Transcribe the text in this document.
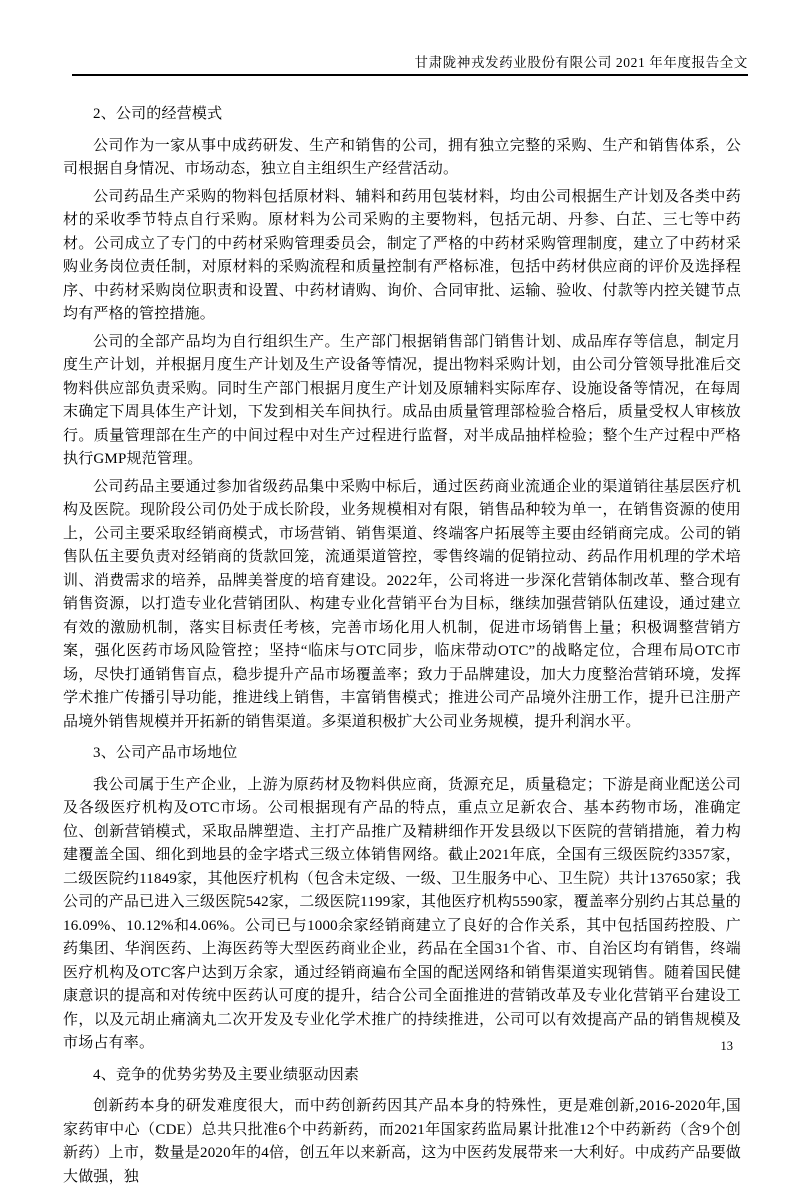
甘肃陇神戎发药业股份有限公司 2021 年年度报告全文

2、公司的经营模式

公司作为一家从事中成药研发、生产和销售的公司，拥有独立完整的采购、生产和销售体系，公司根据自身情况、市场动态，独立自主组织生产经营活动。

公司药品生产采购的物料包括原材料、辅料和药用包装材料，均由公司根据生产计划及各类中药材的采收季节特点自行采购。原材料为公司采购的主要物料，包括元胡、丹参、白芷、三七等中药材。公司成立了专门的中药材采购管理委员会，制定了严格的中药材采购管理制度，建立了中药材采购业务岗位责任制，对原材料的采购流程和质量控制有严格标准，包括中药材供应商的评价及选择程序、中药材采购岗位职责和设置、中药材请购、询价、合同审批、运输、验收、付款等内控关键节点均有严格的管控措施。

公司的全部产品均为自行组织生产。生产部门根据销售部门销售计划、成品库存等信息，制定月度生产计划，并根据月度生产计划及生产设备等情况，提出物料采购计划，由公司分管领导批准后交物料供应部负责采购。同时生产部门根据月度生产计划及原辅料实际库存、设施设备等情况，在每周末确定下周具体生产计划，下发到相关车间执行。成品由质量管理部检验合格后，质量受权人审核放行。质量管理部在生产的中间过程中对生产过程进行监督，对半成品抽样检验；整个生产过程中严格执行GMP规范管理。

公司药品主要通过参加省级药品集中采购中标后，通过医药商业流通企业的渠道销往基层医疗机构及医院。现阶段公司仍处于成长阶段，业务规模相对有限，销售品种较为单一，在销售资源的使用上，公司主要采取经销商模式，市场营销、销售渠道、终端客户拓展等主要由经销商完成。公司的销售队伍主要负责对经销商的货款回笼，流通渠道管控，零售终端的促销拉动、药品作用机理的学术培训、消费需求的培养，品牌美誉度的培育建设。2022年，公司将进一步深化营销体制改革、整合现有销售资源，以打造专业化营销团队、构建专业化营销平台为目标，继续加强营销队伍建设，通过建立有效的激励机制，落实目标责任考核，完善市场化用人机制，促进市场销售上量；积极调整营销方案，强化医药市场风险管控；坚持“临床与OTC同步，临床带动OTC”的战略定位，合理布局OTC市场，尽快打通销售盲点，稳步提升产品市场覆盖率；致力于品牌建设，加大力度整治营销环境，发挥学术推广传播引导功能，推进线上销售，丰富销售模式；推进公司产品境外注册工作，提升已注册产品境外销售规模并开拓新的销售渠道。多渠道积极扩大公司业务规模，提升利润水平。

3、公司产品市场地位

我公司属于生产企业，上游为原药材及物料供应商，货源充足，质量稳定；下游是商业配送公司及各级医疗机构及OTC市场。公司根据现有产品的特点，重点立足新农合、基本药物市场，准确定位、创新营销模式，采取品牌塑造、主打产品推广及精耕细作开发县级以下医院的营销措施，着力构建覆盖全国、细化到地县的金字塔式三级立体销售网络。截止2021年底，全国有三级医院约3357家，二级医院约11849家，其他医疗机构（包含未定级、一级、卫生服务中心、卫生院）共计137650家；我公司的产品已进入三级医院542家，二级医院1199家，其他医疗机构5590家，覆盖率分别约占其总量的16.09%、10.12%和4.06%。公司已与1000余家经销商建立了良好的合作关系，其中包括国药控股、广药集团、华润医药、上海医药等大型医药商业企业，药品在全国31个省、市、自治区均有销售，终端医疗机构及OTC客户达到万余家，通过经销商遍布全国的配送网络和销售渠道实现销售。随着国民健康意识的提高和对传统中医药认可度的提升，结合公司全面推进的营销改革及专业化营销平台建设工作，以及元胡止痛滴丸二次开发及专业化学术推广的持续推进，公司可以有效提高产品的销售规模及市场占有率。

4、竞争的优势劣势及主要业绩驱动因素

创新药本身的研发难度很大，而中药创新药因其产品本身的特殊性，更是难创新,2016-2020年,国家药审中心（CDE）总共只批准6个中药新药，而2021年国家药监局累计批准12个中药新药（含9个创新药）上市，数量是2020年的4倍，创五年以来新高，这为中医药发展带来一大利好。中成药产品要做大做强，独

13
